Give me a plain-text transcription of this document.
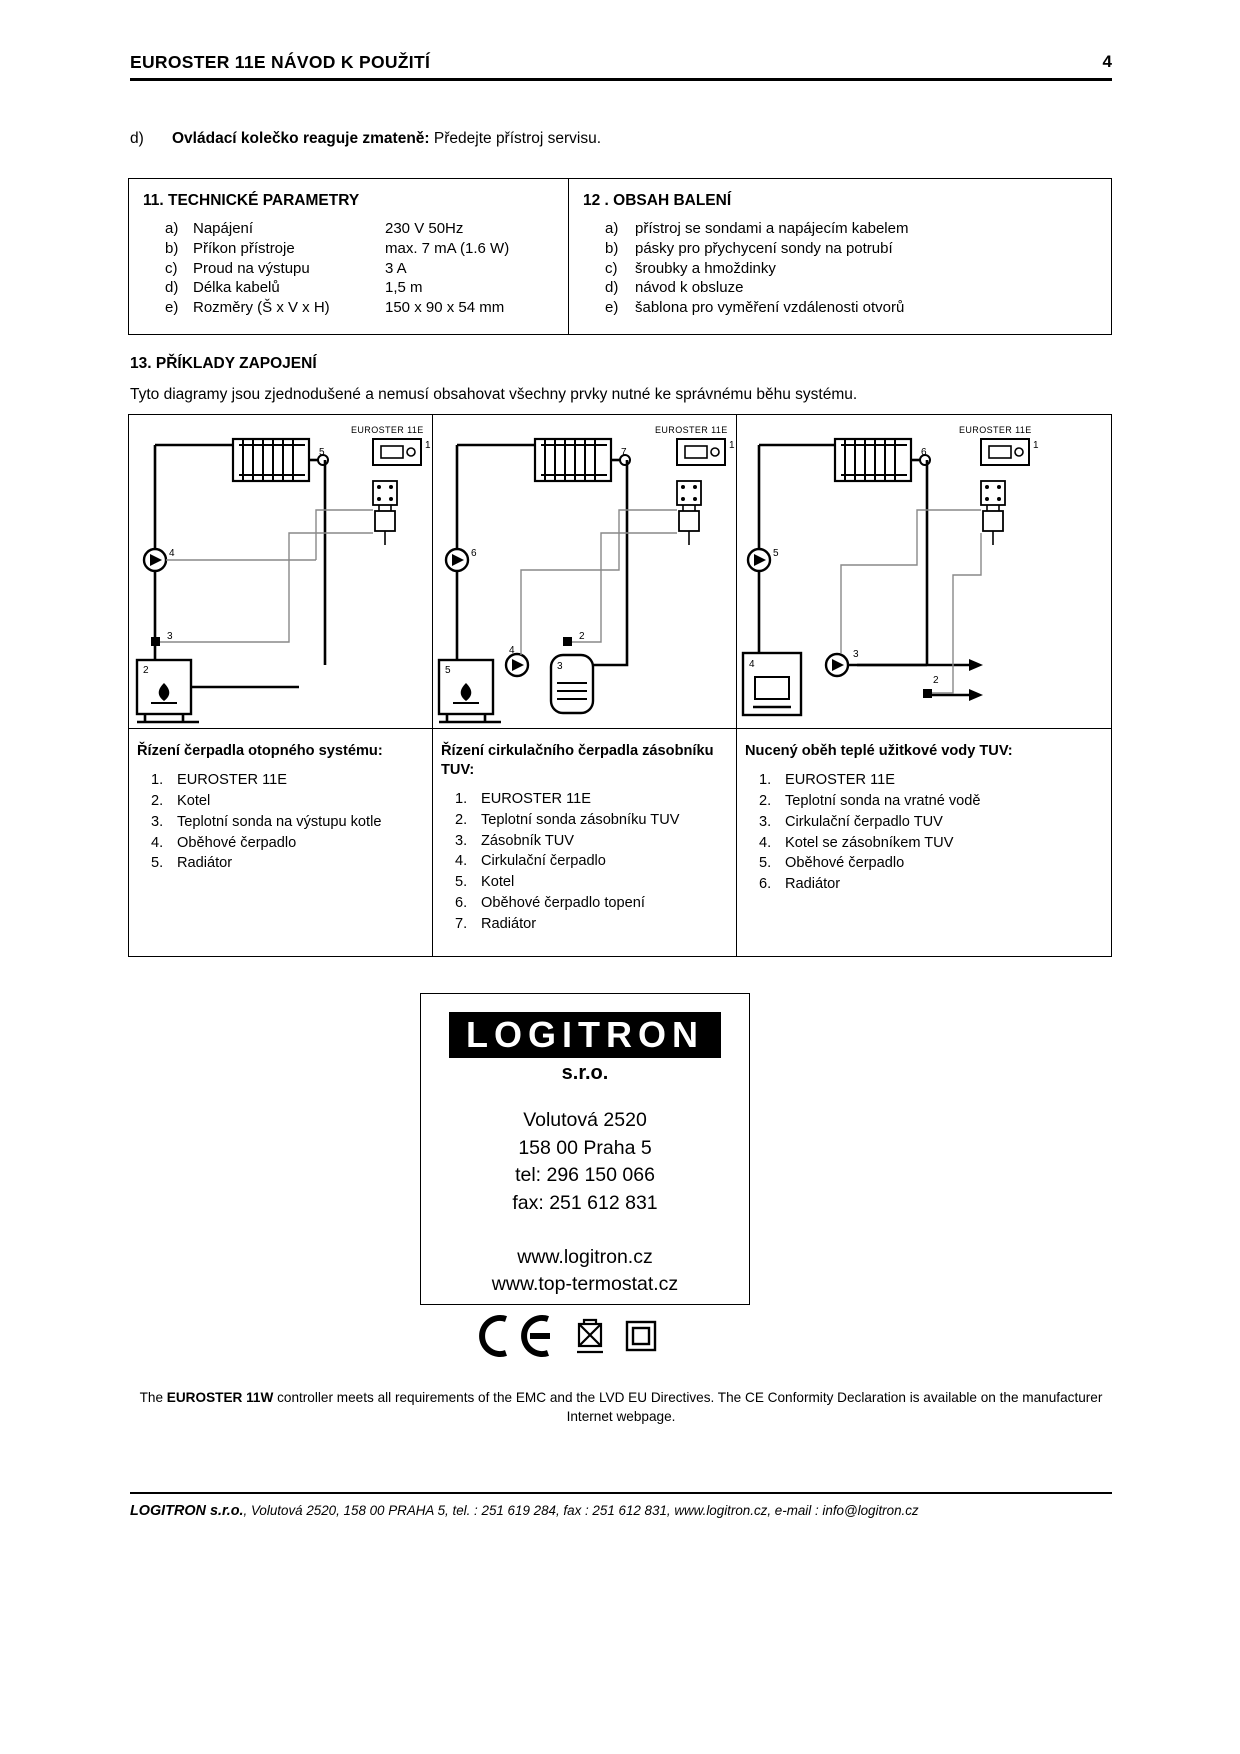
EUROSTER 11E NÁVOD K POUŽITÍ	4
d) Ovládací kolečko reaguje zmateně: Předejte přístroj servisu.
11. TECHNICKÉ PARAMETRY
a) Napájení	230 V 50Hz
b) Příkon přístroje	max. 7 mA (1.6 W)
c)	Proud na výstupu	3 A
d) Délka kabelů	1,5 m
e) Rozměry (Š x V x H)	150 x 90 x 54 mm
12 . OBSAH BALENÍ
a)	přístroj se sondami a napájecím kabelem
b)	pásky pro přychycení sondy na potrubí
c)	šroubky a hmoždinky
d)	návod k obsluze
e)	šablona pro vyměření vzdálenosti otvorů
13. PŘÍKLADY ZAPOJENÍ
Tyto diagramy jsou zjednodušené a nemusí obsahovat všechny prvky nutné ke správnému běhu systému.
5
EUROSTER 11E
1
4
3
2
Řízení čerpadla otopného systému:
1. EUROSTER 11E
2. Kotel
3. Teplotní sonda na výstupu kotle
4. Oběhové čerpadlo
5. Radiátor
7
EUROSTER 11E
1
6
5
4
3
2
Řízení cirkulačního čerpadla zásobníku TUV:
1. EUROSTER 11E
2. Teplotní sonda zásobníku TUV
3. Zásobník TUV
4. Cirkulační čerpadlo
5. Kotel
6. Oběhové čerpadlo topení
7. Radiátor
6
EUROSTER 11E
1
5
4
3
2
Nucený oběh teplé užitkové vody TUV:
1. EUROSTER 11E
2. Teplotní sonda na vratné vodě
3. Cirkulační čerpadlo TUV
4. Kotel se zásobníkem TUV
5. Oběhové čerpadlo
6. Radiátor
LOGITRON
s.r.o.
Volutová 2520
158 00 Praha 5
tel: 296 150 066
fax: 251 612 831
www.logitron.cz
www.top-termostat.cz
The EUROSTER 11W controller meets all requirements of the EMC and the LVD EU Directives. The CE Conformity Declaration is available on the manufacturer Internet webpage.
LOGITRON s.r.o., Volutová 2520, 158 00 PRAHA 5, tel. : 251 619 284, fax : 251 612 831, www.logitron.cz, e-mail : info@logitron.cz
